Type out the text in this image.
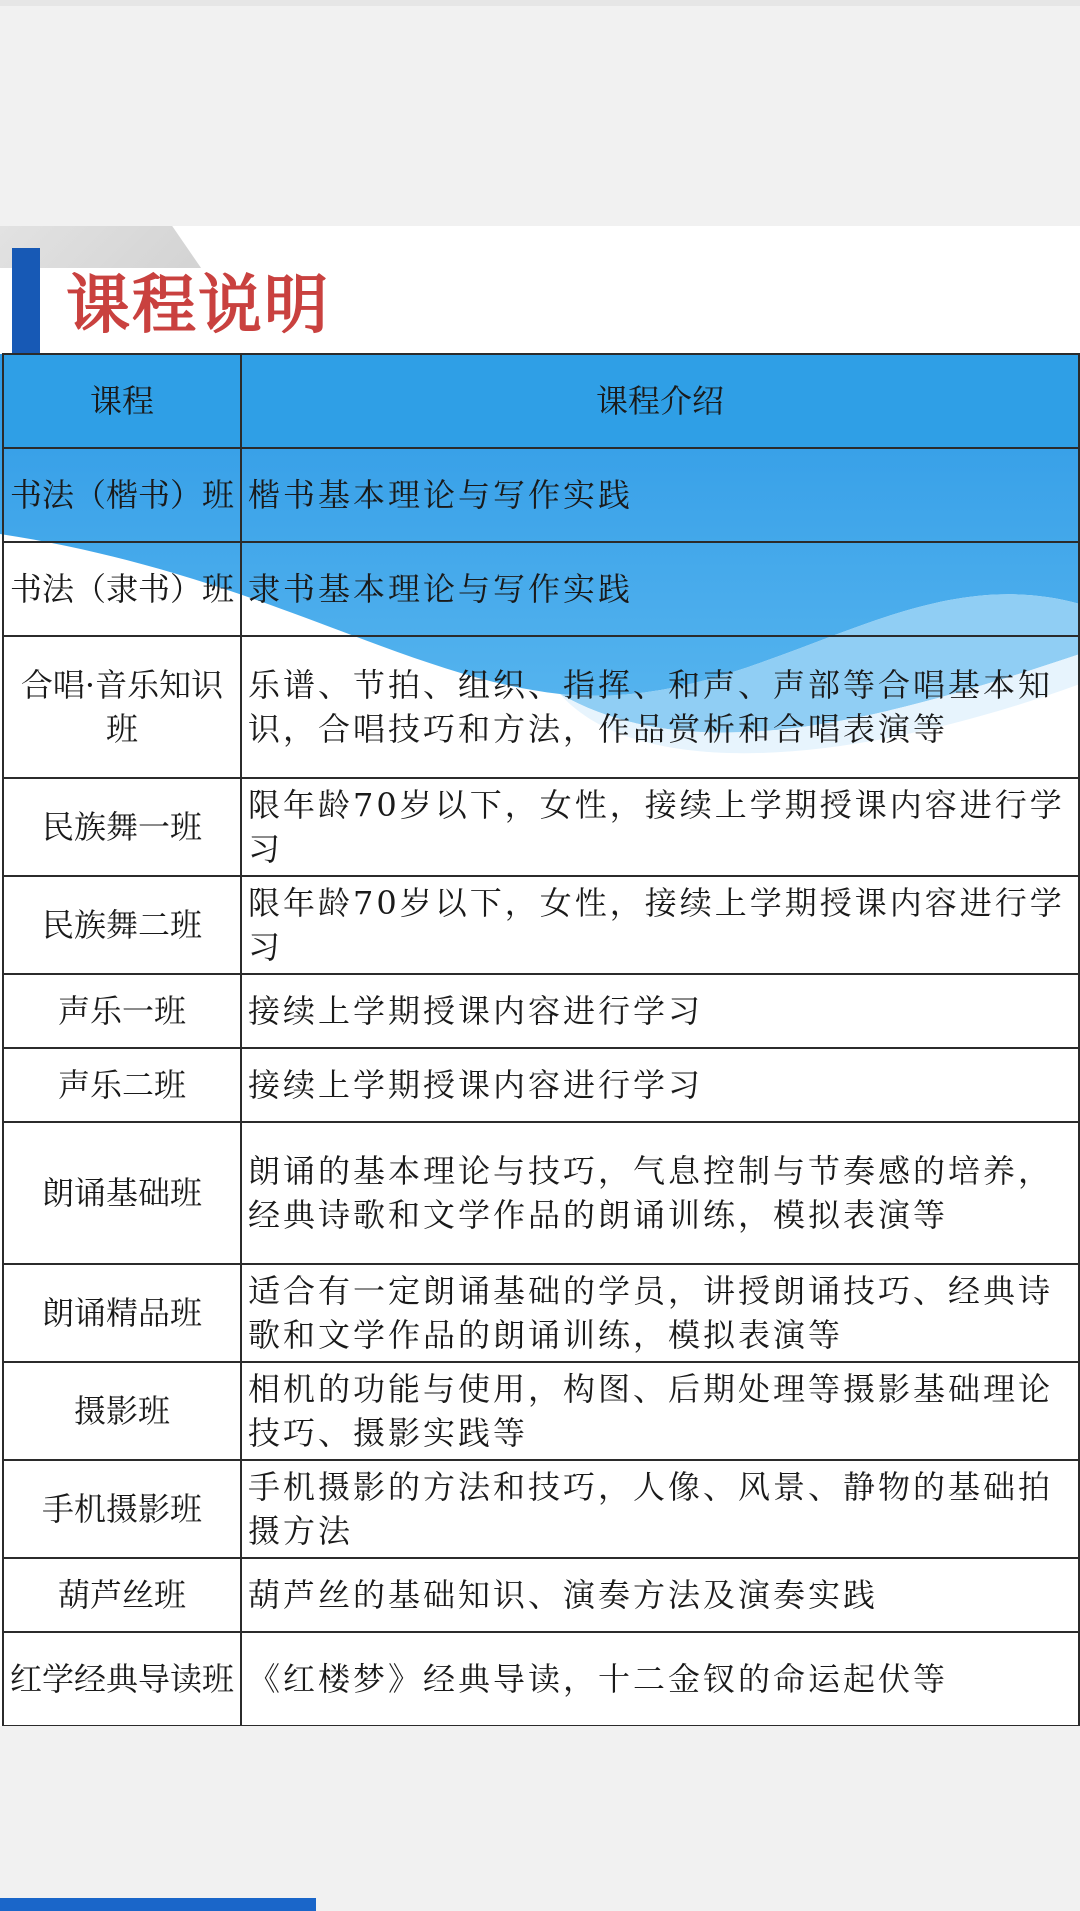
课程说明
课程	课程介绍
书法（楷书）班	楷书基本理论与写作实践
书法（隶书）班	隶书基本理论与写作实践
合唱·音乐知识班	乐谱、节拍、组织、指挥、和声、声部等合唱基本知识，合唱技巧和方法，作品赏析和合唱表演等
民族舞一班	限年龄70岁以下，女性，接续上学期授课内容进行学习
民族舞二班	限年龄70岁以下，女性，接续上学期授课内容进行学习
声乐一班	接续上学期授课内容进行学习
声乐二班	接续上学期授课内容进行学习
朗诵基础班	朗诵的基本理论与技巧，气息控制与节奏感的培养，经典诗歌和文学作品的朗诵训练，模拟表演等
朗诵精品班	适合有一定朗诵基础的学员，讲授朗诵技巧、经典诗歌和文学作品的朗诵训练，模拟表演等
摄影班	相机的功能与使用，构图、后期处理等摄影基础理论技巧、摄影实践等
手机摄影班	手机摄影的方法和技巧，人像、风景、静物的基础拍摄方法
葫芦丝班	葫芦丝的基础知识、演奏方法及演奏实践
红学经典导读班	《红楼梦》经典导读，十二金钗的命运起伏等
